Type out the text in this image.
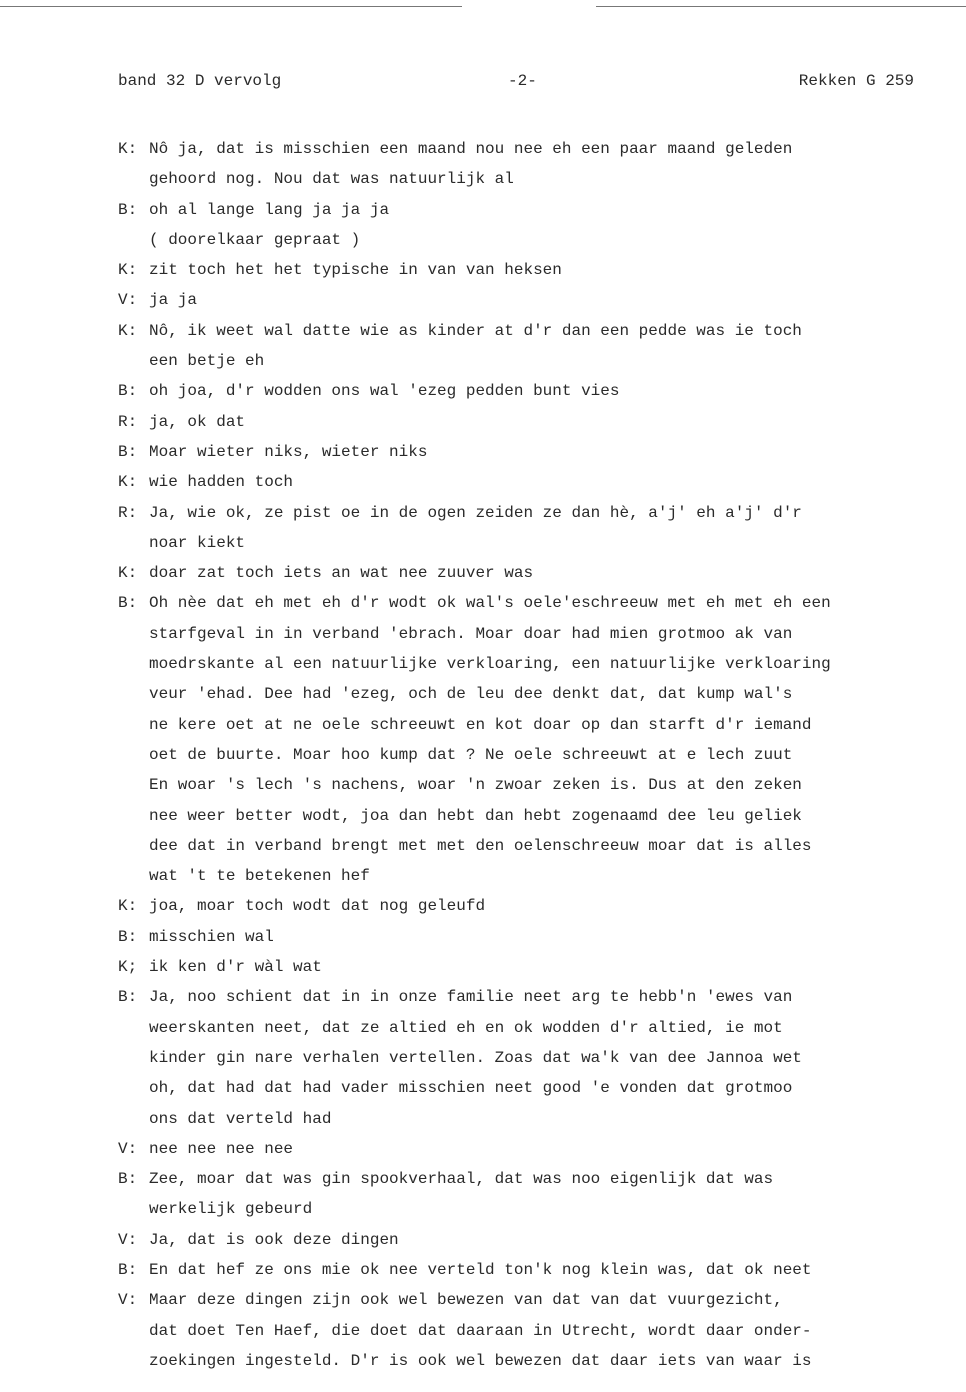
band 32 D vervolg	-2-	Rekken G 259
K: Nô ja, dat is misschien een maand nou nee eh een paar maand geleden
gehoord nog. Nou dat was natuurlijk al
B: oh al lange lang ja ja ja
( doorelkaar gepraat )
K: zit toch het het typische in van van heksen
V: ja ja
K: Nô, ik weet wal datte wie as kinder at d'r dan een pedde was ie toch
een betje eh
B: oh joa, d'r wodden ons wal 'ezeg pedden bunt vies
R: ja, ok dat
B: Moar wieter niks, wieter niks
K: wie hadden toch
R: Ja, wie ok, ze pist oe in de ogen zeiden ze dan hè, a'j' eh a'j' d'r
noar kiekt
K: doar zat toch iets an wat nee zuuver was
B: Oh nèe dat eh met eh d'r wodt ok wal's oele'eschreeuw met eh met eh een
starfgeval in in verband 'ebrach. Moar doar had mien grotmoo ak van
moedrskante al een natuurlijke verkloaring, een natuurlijke verkloaring
veur 'ehad. Dee had 'ezeg, och de leu dee denkt dat, dat kump wal's
ne kere oet at ne oele schreeuwt en kot doar op dan starft d'r iemand
oet de buurte. Moar hoo kump dat ? Ne oele schreeuwt at e lech zuut
En woar 's lech 's nachens, woar 'n zwoar zeken is. Dus at den zeken
nee weer better wodt, joa dan hebt dan hebt zogenaamd dee leu geliek
dee dat in verband brengt met met den oelenschreeuw moar dat is alles
wat 't te betekenen hef
K: joa, moar toch wodt dat nog geleufd
B: misschien wal
K; ik ken d'r wàl wat
B: Ja, noo schient dat in in onze familie neet arg te hebb'n 'ewes van
weerskanten neet, dat ze altied eh en ok wodden d'r altied, ie mot
kinder gin nare verhalen vertellen. Zoas dat wa'k van dee Jannoa wet
oh, dat had dat had vader misschien neet good 'e vonden dat grotmoo
ons dat verteld had
V: nee nee nee nee
B: Zee, moar dat was gin spookverhaal, dat was noo eigenlijk dat was
werkelijk gebeurd
V: Ja, dat is ook deze dingen
B: En dat hef ze ons mie ok nee verteld ton'k nog klein was, dat ok neet
V: Maar deze dingen zijn ook wel bewezen van dat van dat vuurgezicht,
dat doet Ten Haef, die doet dat daaraan in Utrecht, wordt daar onder-
zoekingen ingesteld. D'r is ook wel bewezen dat daar iets van waar is
